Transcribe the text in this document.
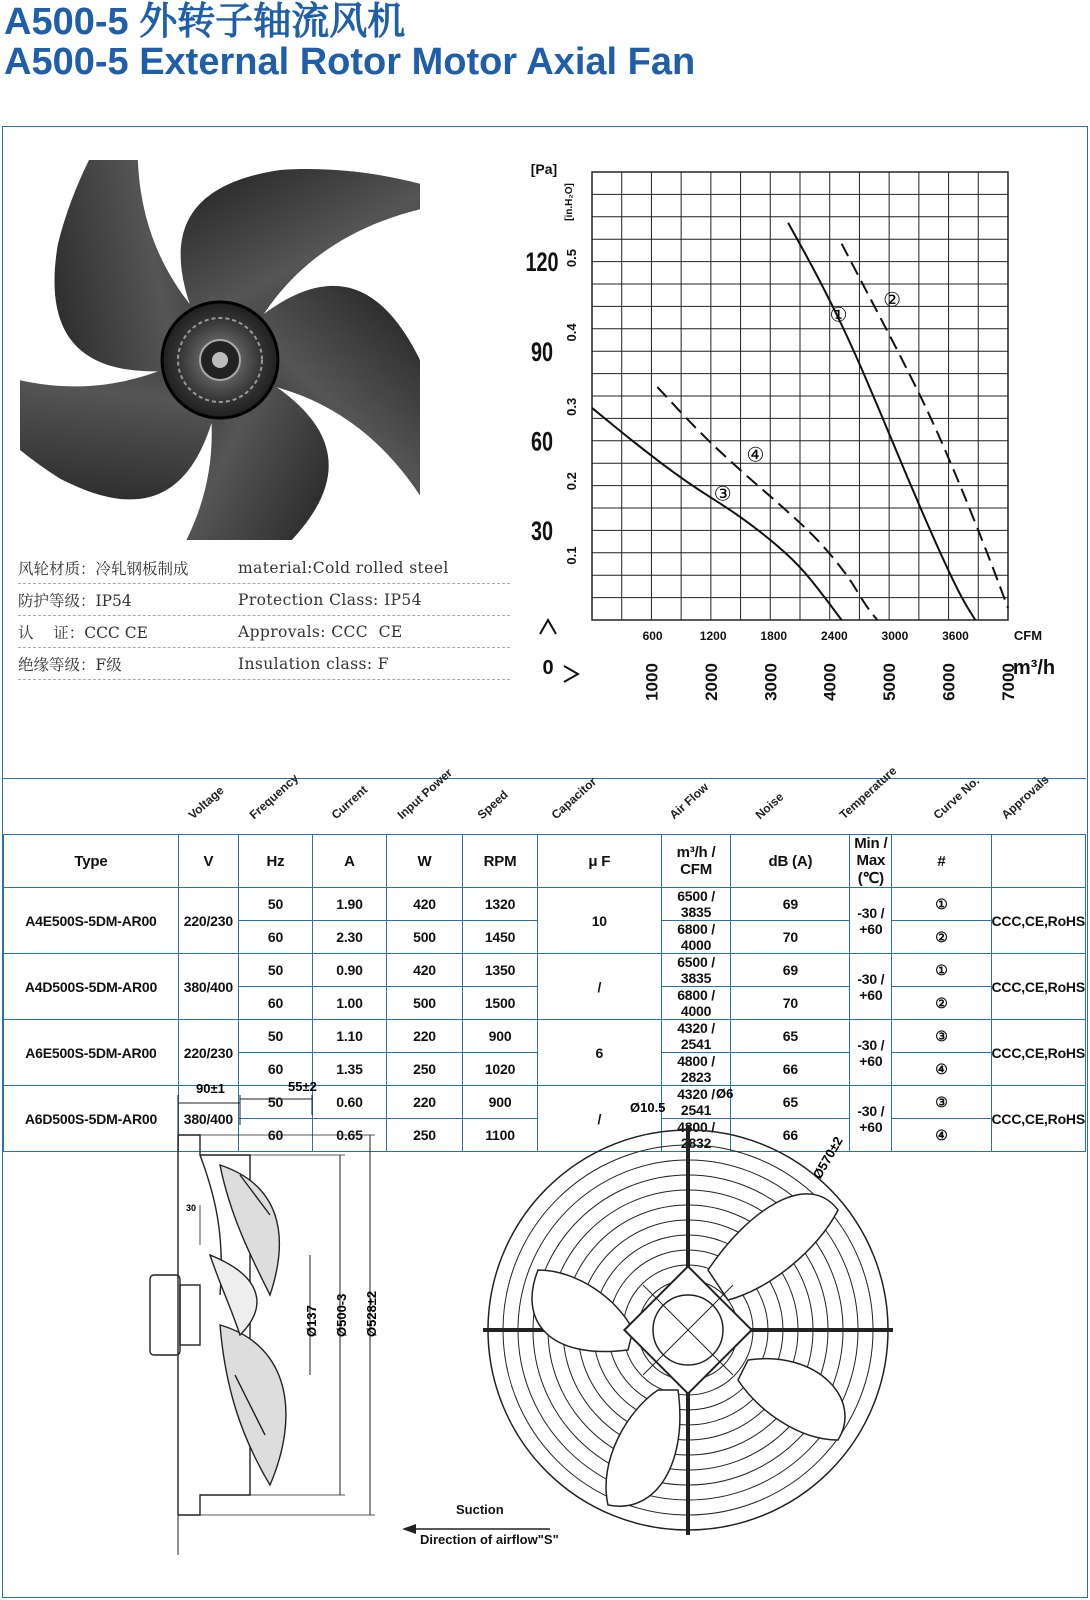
A500-5 外转子轴流风机
A500-5 External Rotor Motor Axial Fan
风轮材质：冷轧钢板制成	material:Cold rolled steel
防护等级：IP54	Protection Class: IP54
认    证：CCC CE	Approvals: CCC  CE
绝缘等级：F级	Insulation class: F
①
②
③
④
30
60
90
120
0.1
0.2
0.3
0.4
0.5
1000 2000 3000 4000 5000 6000 7000
600	1200	1800	2400	3000	3600
[Pa]
[in.H₂O]
CFM
m³/h
0
Voltage Frequency Current Input Power Speed	Capacitor	Air Flow	Noise	Temperature	Curve No. Approvals
Type	V	Hz	A	W	RPM	μ F	m³/h / CFM	dB (A)	Min / Max (℃)	#	
A4E500S-5DM-AR00	220/230	50	1.90	420	1320	10	6500 / 3835	69	-30 / +60	①	CCC,CE,RoHS
		60	2.30	500	1450		6800 / 4000	70		②	
A4D500S-5DM-AR00	380/400	50	0.90	420	1350	/	6500 / 3835	69	-30 / +60	①	CCC,CE,RoHS
		60	1.00	500	1500		6800 / 4000	70		②	
A6E500S-5DM-AR00	220/230	50	1.10	220	900	6	4320 / 2541	65	-30 / +60	③	CCC,CE,RoHS
		60	1.35	250	1020		4800 / 2823	66		④	
A6D500S-5DM-AR00	380/400	50	0.60	220	900	/	4320 / 2541	65	-30 / +60	③	CCC,CE,RoHS
		60	0.65	250	1100		4800 / 2832	66		④	
90±1	55±2
30
Ø137 Ø500-3 Ø528±2
Ø10.5
Ø6
Ø570±2
Suction
Direction of airflow"S"
